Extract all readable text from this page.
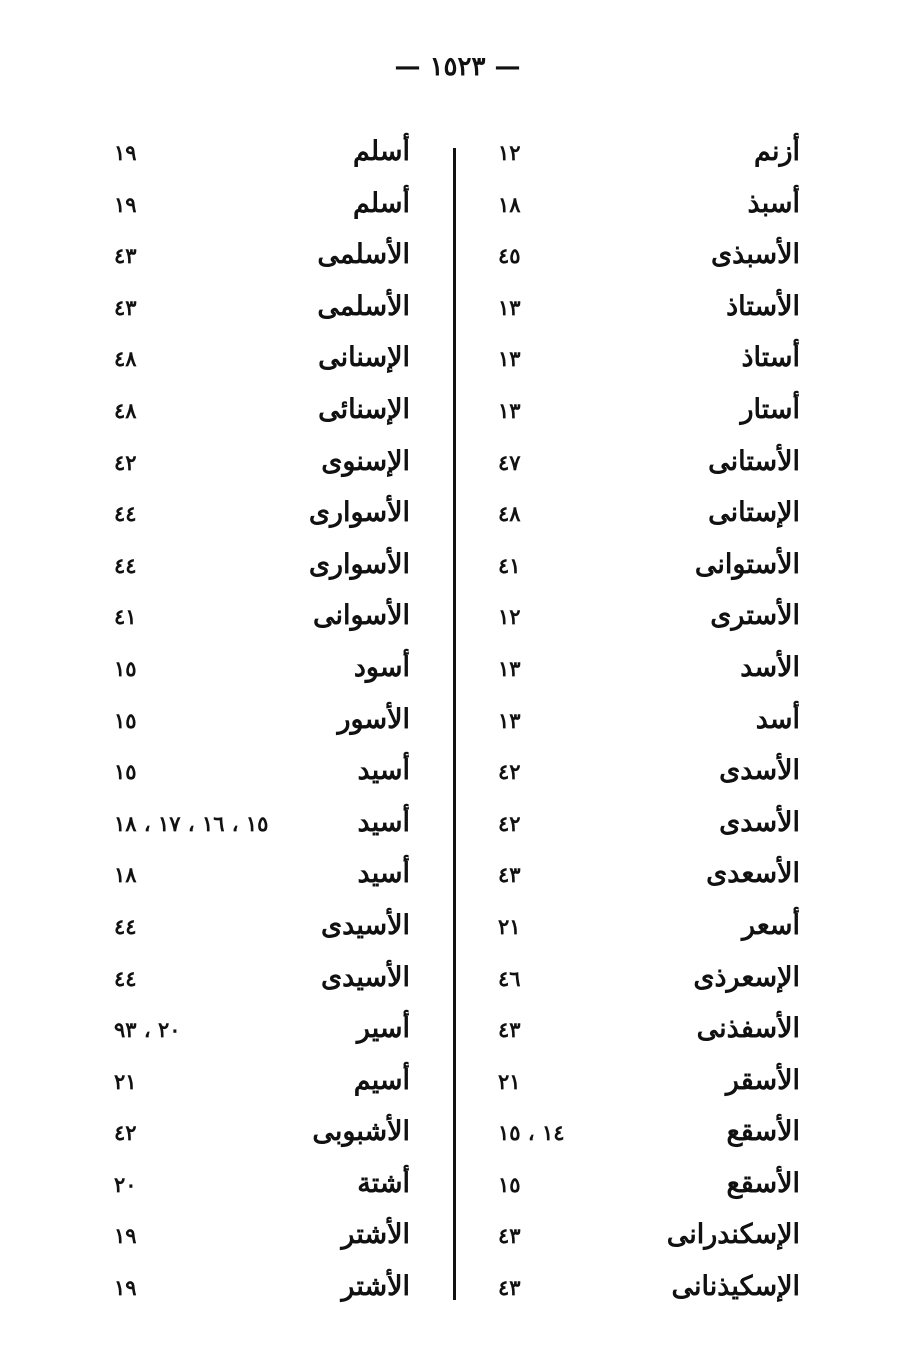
— ١٥٢٣ —
أزنم
١٢
أسبذ
١٨
الأسبذى
٤٥
الأستاذ
١٣
أستاذ
١٣
أستار
١٣
الأستانى
٤٧
الإستانى
٤٨
الأستوانى
٤١
الأسترى
١٢
الأسد
١٣
أسد
١٣
الأسدى
٤٢
الأسدى
٤٢
الأسعدى
٤٣
أسعر
٢١
الإسعرذى
٤٦
الأسفذنى
٤٣
الأسقر
٢١
الأسقع
١٤ ، ١٥
الأسقع
١٥
الإسكندرانى
٤٣
الإسكيذنانى
٤٣
أسلم
١٩
أسلم
١٩
الأسلمى
٤٣
الأسلمى
٤٣
الإسنانى
٤٨
الإسنائى
٤٨
الإسنوى
٤٢
الأسوارى
٤٤
الأسوارى
٤٤
الأسوانى
٤١
أسود
١٥
الأسور
١٥
أسيد
١٥
أسيد
١٥ ، ١٦ ، ١٧ ، ١٨
أسيد
١٨
الأسيدى
٤٤
الأسيدى
٤٤
أسير
٢٠ ، ٩٣
أسيم
٢١
الأشبوبى
٤٢
أشتة
٢٠
الأشتر
١٩
الأشتر
١٩
